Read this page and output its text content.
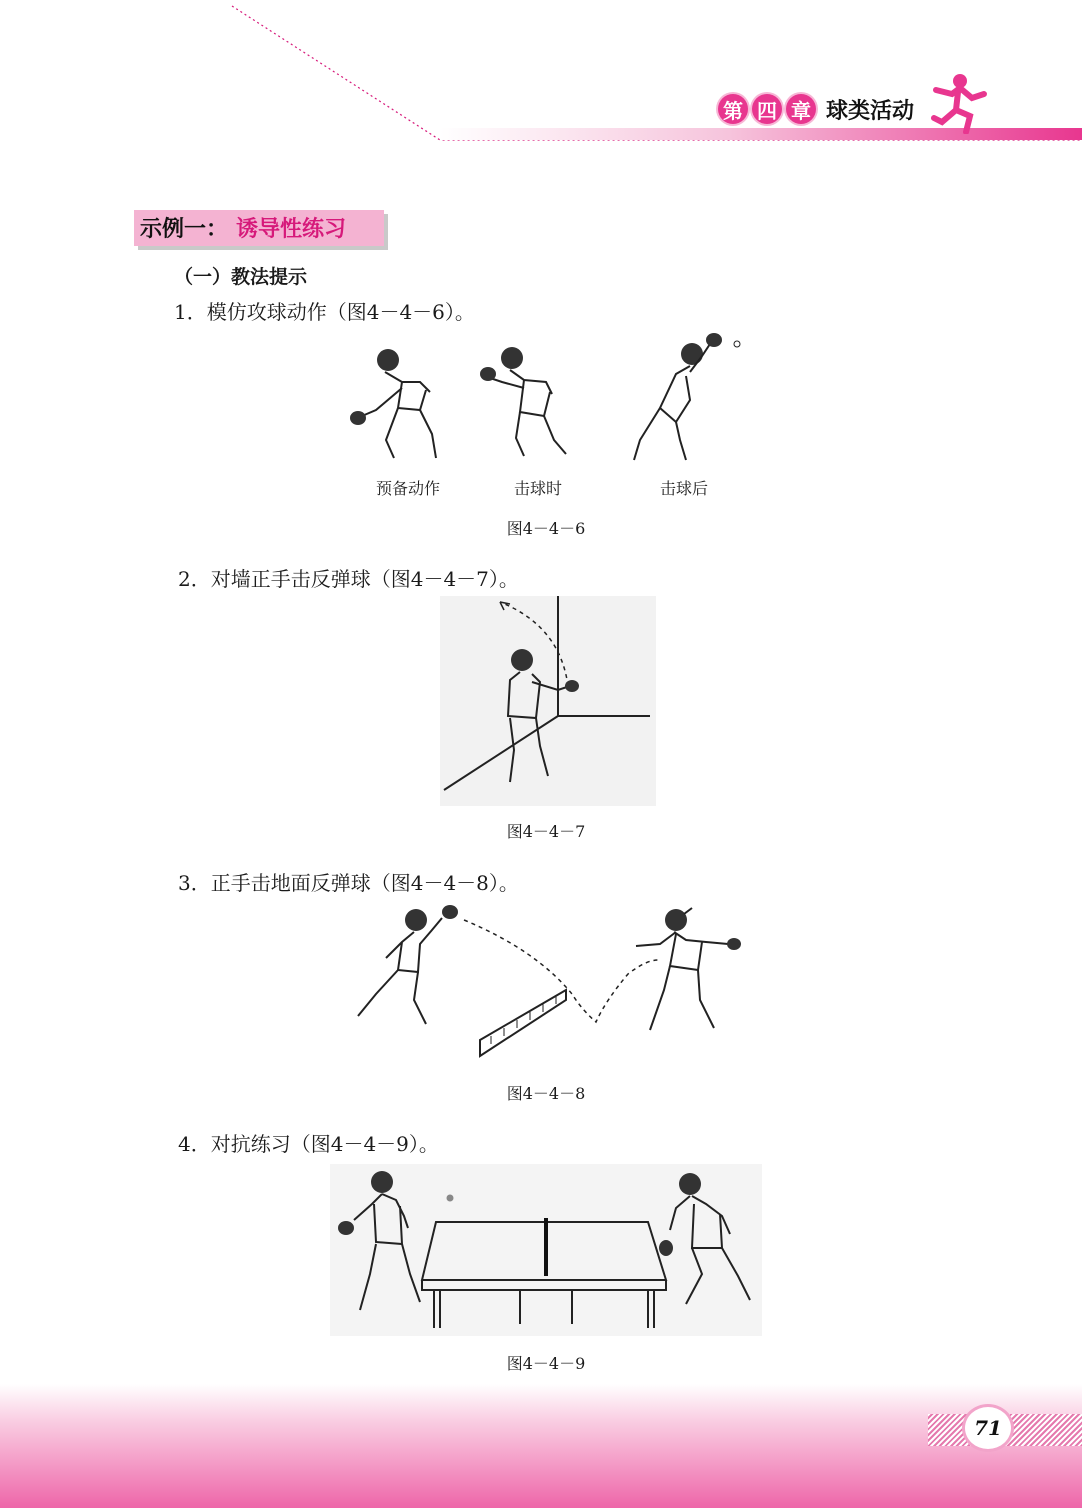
第 四 章 球类活动
示例一： 诱导性练习
（一）教法提示
1．模仿攻球动作（图4－4－6）。
预备动作	击球时	击球后
图4－4－6
2．对墙正手击反弹球（图4－4－7）。
图4－4－7
3．正手击地面反弹球（图4－4－8）。
图4－4－8
4．对抗练习（图4－4－9）。
图4－4－9
71
